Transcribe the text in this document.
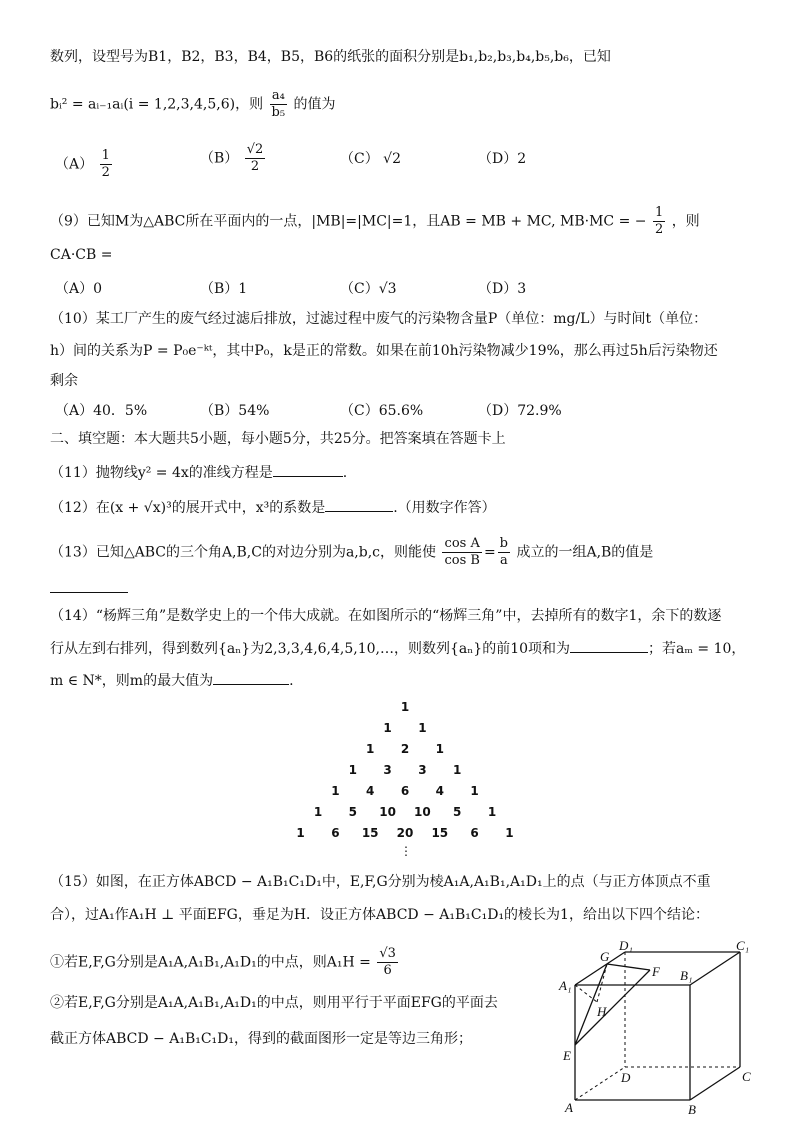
数列，设型号为B1，B2，B3，B4，B5，B6的纸张的面积分别是b₁,b₂,b₃,b₄,b₅,b₆，已知
bᵢ² = aᵢ₋₁aᵢ(i = 1,2,3,4,5,6)，则 $\frac{\text{a₄}}{\text{b₅}}$ 的值为
$(A) \frac{1}{2}$	$(B) \frac{√2}{2}$	（C） √2	（D）2
（9）已知M为△ABC所在平面内的一点，|MB|=|MC|=1，且AB = MB + MC, MB·MC = − $\frac{1}{2}$ ，则
CA·CB =
（A）0	（B）1	（C）√3	（D）3
（10）某工厂产生的废气经过滤后排放，过滤过程中废气的污染物含量P（单位：mg/L）与时间t（单位：
h）间的关系为P = P₀e⁻ᵏᵗ，其中P₀，k是正的常数。如果在前10h污染物减少19%，那么再过5h后污染物还
剩余
（A）40．5%	（B）54%	（C）65.6%	（D）72.9%
二、填空题：本大题共5小题，每小题5分，共25分。把答案填在答题卡上
（11）抛物线y² = 4x的准线方程是	.
（12）在(x + √x)³的展开式中，x³的系数是	.（用数字作答）
（13）已知△ABC的三个角A,B,C的对边分别为a,b,c，则能使 $\frac{\text{cos A}}{\text{cos B}} = \frac{b}{a}$ 成立的一组A,B的值是
（14）“杨辉三角”是数学史上的一个伟大成就。在如图所示的“杨辉三角”中，去掉所有的数字1，余下的数逐
行从左到右排列，得到数列{aₙ}为2,3,3,4,6,4,5,10,…，则数列{aₙ}的前10项和为	；若aₘ = 10，
m ∈ N*，则m的最大值为	.
1
1 1
1 2 1
1 3 3 1
1 4 6 4 1
1 5 10 10 5 1
1 6 15 20 15 6 1
⋮
（15）如图，在正方体ABCD − A₁B₁C₁D₁中，E,F,G分别为棱A₁A,A₁B₁,A₁D₁上的点（与正方体顶点不重
合），过A₁作A₁H ⊥ 平面EFG，垂足为H．设正方体ABCD − A₁B₁C₁D₁的棱长为1，给出以下四个结论：
①若E,F,G分别是A₁A,A₁B₁,A₁D₁的中点，则$A_1H = \frac{√3}{6}$
②若E,F,G分别是A₁A,A₁B₁,A₁D₁的中点，则用平行于平面EFG的平面去
截正方体ABCD − A₁B₁C₁D₁，得到的截面图形一定是等边三角形；
D₁	C₁
G
F B₁
A₁
H
E
D	C
A	B
